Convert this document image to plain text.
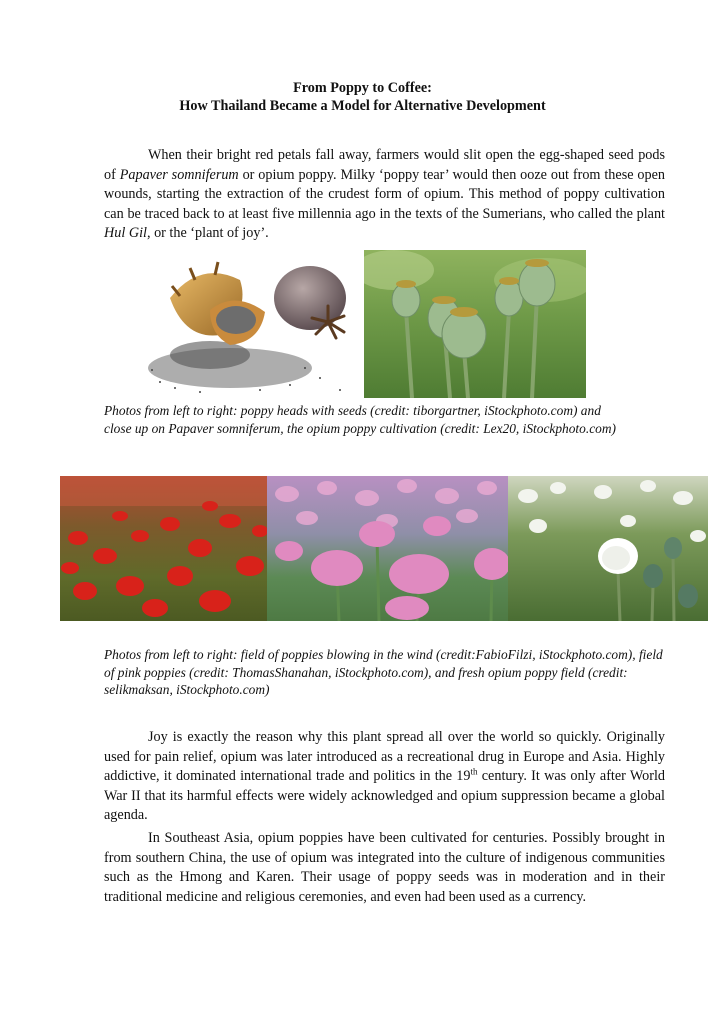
From Poppy to Coffee:
How Thailand Became a Model for Alternative Development

When their bright red petals fall away, farmers would slit open the egg-shaped seed pods of Papaver somniferum or opium poppy. Milky ‘poppy tear’ would then ooze out from these open wounds, starting the extraction of the crudest form of opium. This method of poppy cultivation can be traced back to at least five millennia ago in the texts of the Sumerians, who called the plant Hul Gil, or the ‘plant of joy’.

Photos from left to right: poppy heads with seeds (credit: tiborgartner, iStockphoto.com) and close up on Papaver somniferum, the opium poppy cultivation (credit: Lex20, iStockphoto.com)

Photos from left to right: field of poppies blowing in the wind (credit:FabioFilzi, iStockphoto.com), field of pink poppies (credit: ThomasShanahan, iStockphoto.com), and fresh opium poppy field (credit: selikmaksan, iStockphoto.com)

Joy is exactly the reason why this plant spread all over the world so quickly. Originally used for pain relief, opium was later introduced as a recreational drug in Europe and Asia. Highly addictive, it dominated international trade and politics in the 19th century. It was only after World War II that its harmful effects were widely acknowledged and opium suppression became a global agenda.

In Southeast Asia, opium poppies have been cultivated for centuries. Possibly brought in from southern China, the use of opium was integrated into the culture of indigenous communities such as the Hmong and Karen. Their usage of poppy seeds was in moderation and in their traditional medicine and religious ceremonies, and even had been used as a currency.
